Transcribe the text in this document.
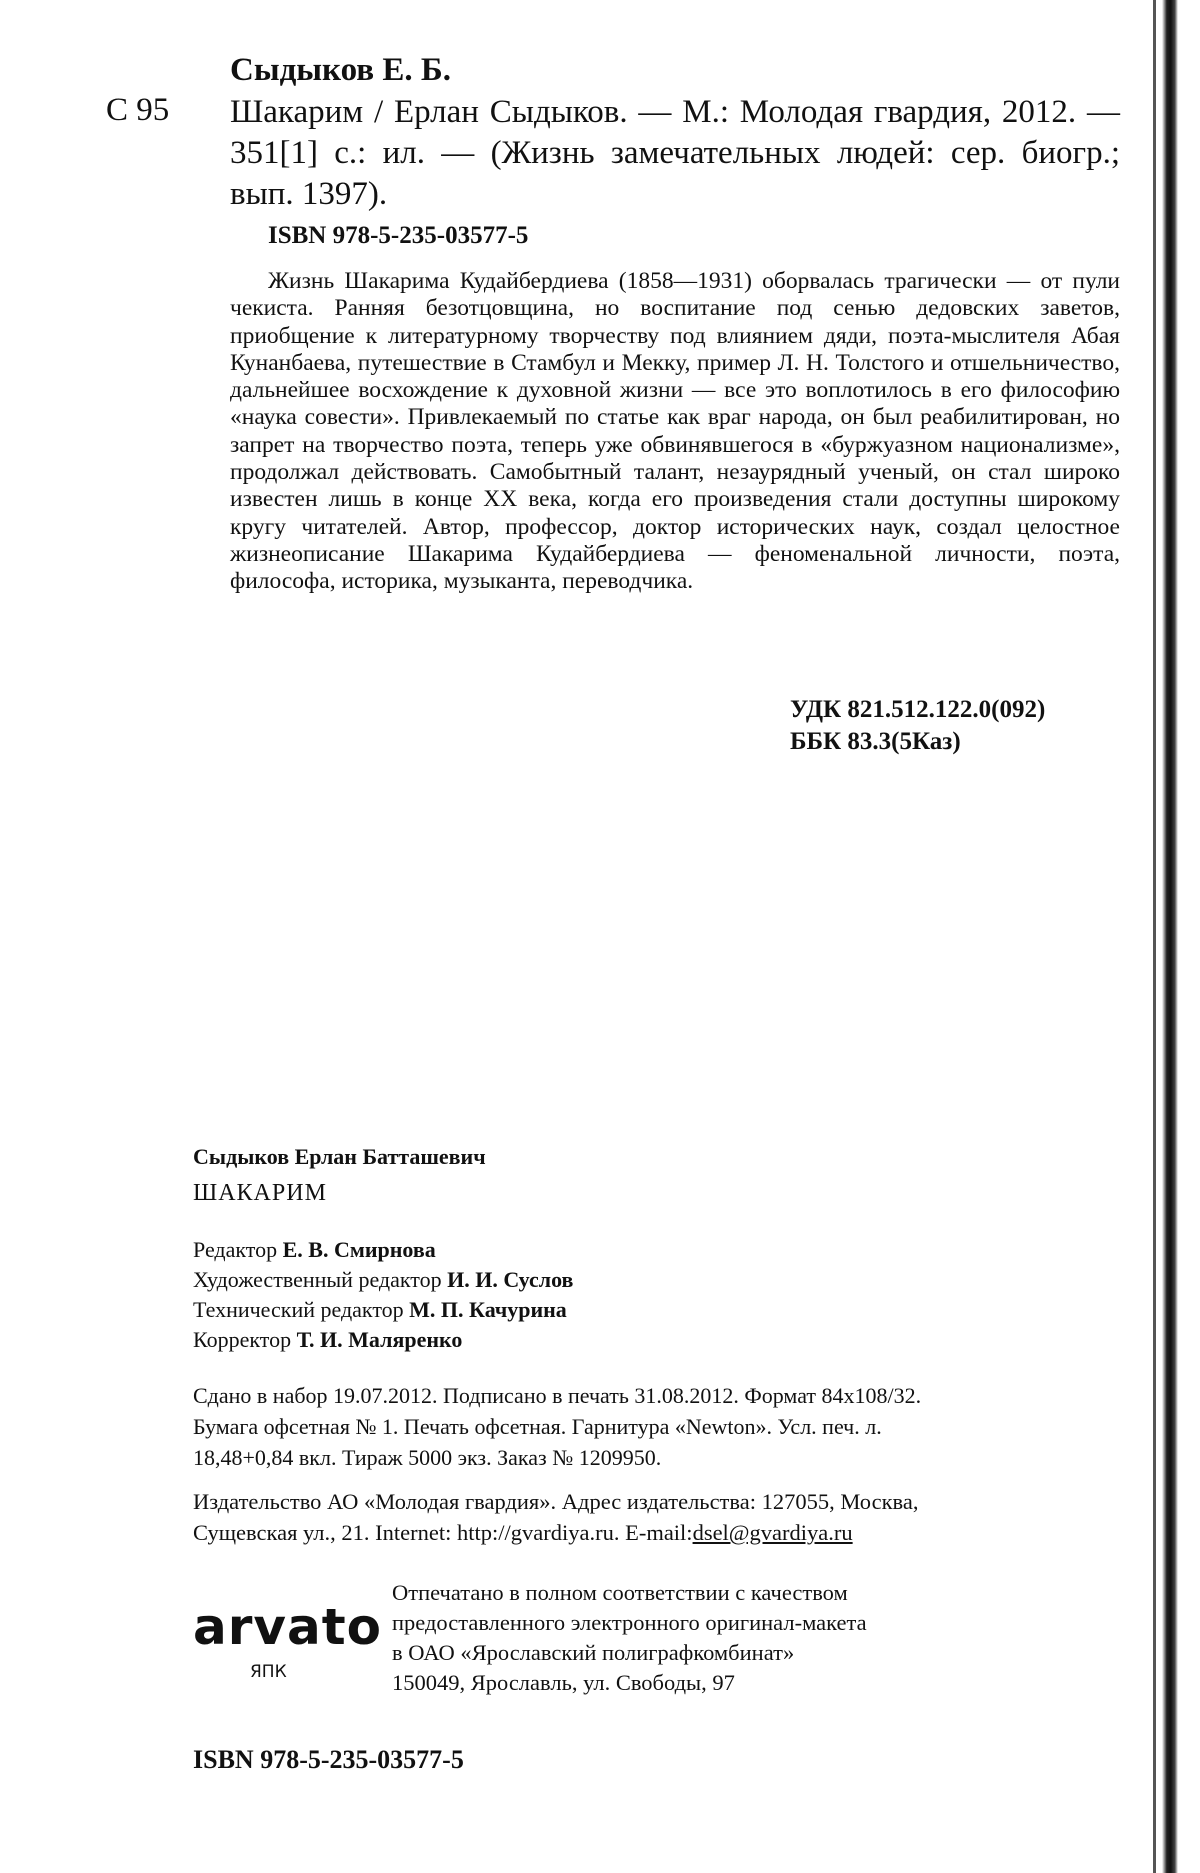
Сыдыков Е. Б.
С 95 Шакарим / Ерлан Сыдыков. — М.: Молодая гвардия, 2012. — 351[1] с.: ил. — (Жизнь замечательных людей: сер. биогр.; вып. 1397).
ISBN 978-5-235-03577-5
Жизнь Шакарима Кудайбердиева (1858—1931) оборвалась трагически — от пули чекиста. Ранняя безотцовщина, но воспитание под сенью дедовских заветов, приобщение к литературному творчеству под влиянием дяди, поэта-мыслителя Абая Кунанбаева, путешествие в Стамбул и Мекку, пример Л. Н. Толстого и отшельничество, дальнейшее восхождение к духовной жизни — все это воплотилось в его философию «наука совести». Привлекаемый по статье как враг народа, он был реабилитирован, но запрет на творчество поэта, теперь уже обвинявшегося в «буржуазном национализме», продолжал действовать. Самобытный талант, незаурядный ученый, он стал широко известен лишь в конце XX века, когда его произведения стали доступны широкому кругу читателей. Автор, профессор, доктор исторических наук, создал целостное жизнеописание Шакарима Кудайбердиева — феноменальной личности, поэта, философа, историка, музыканта, переводчика.
УДК 821.512.122.0(092)
ББК 83.3(5Каз)
Сыдыков Ерлан Батташевич
ШАКАРИМ
Редактор Е. В. Смирнова
Художественный редактор И. И. Суслов
Технический редактор М. П. Качурина
Корректор Т. И. Маляренко
Сдано в набор 19.07.2012. Подписано в печать 31.08.2012. Формат 84x108/32.
Бумага офсетная № 1. Печать офсетная. Гарнитура «Newton». Усл. печ. л.
18,48+0,84 вкл. Тираж 5000 экз. Заказ № 1209950.
Издательство АО «Молодая гвардия». Адрес издательства: 127055, Москва,
Сущевская ул., 21. Internet: http://gvardiya.ru. E-mail:dsel@gvardiya.ru
arvato
ЯПК
Отпечатано в полном соответствии с качеством
предоставленного электронного оригинал-макета
в ОАО «Ярославский полиграфкомбинат»
150049, Ярославль, ул. Свободы, 97
ISBN 978-5-235-03577-5
